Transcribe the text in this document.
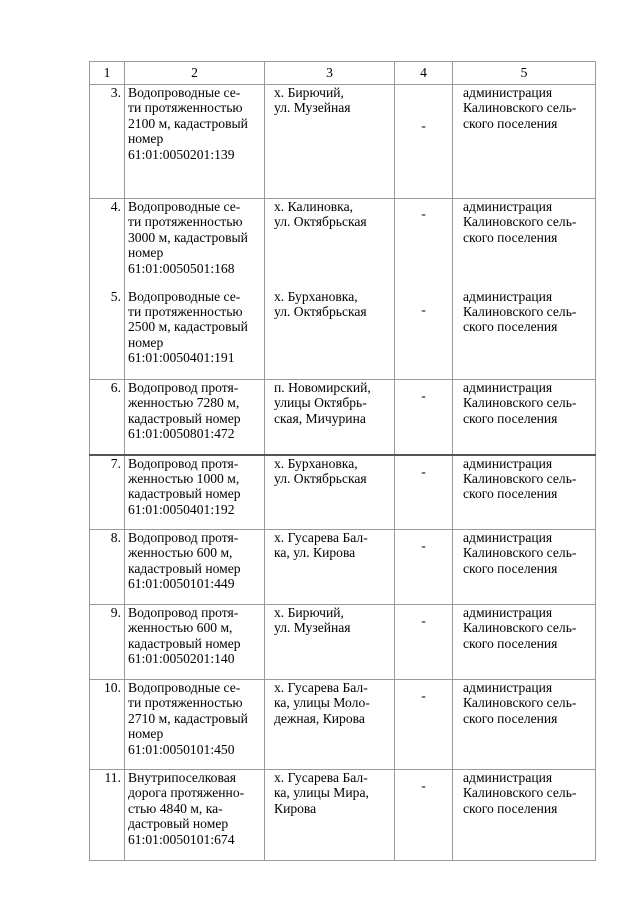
1	2	3	4	5
3.	Водопроводные се-
ти протяженностью
2100 м, кадастровый
номер
61:01:0050201:139	х. Бирючий,
ул. Музейная	-	администрация
Калиновского сель-
ского поселения
4.	Водопроводные се-
ти протяженностью
3000 м, кадастровый
номер
61:01:0050501:168	х. Калиновка,
ул. Октябрьская	-	администрация
Калиновского сель-
ского поселения
5.	Водопроводные се-
ти протяженностью
2500 м, кадастровый
номер
61:01:0050401:191	х. Бурхановка,
ул. Октябрьская	-	администрация
Калиновского сель-
ского поселения
6.	Водопровод протя-
женностью 7280 м,
кадастровый номер
61:01:0050801:472	п. Новомирский,
улицы Октябрь-
ская, Мичурина	-	администрация
Калиновского сель-
ского поселения
7.	Водопровод протя-
женностью 1000 м,
кадастровый номер
61:01:0050401:192	х. Бурхановка,
ул. Октябрьская	-	администрация
Калиновского сель-
ского поселения
8.	Водопровод протя-
женностью 600 м,
кадастровый номер
61:01:0050101:449	х. Гусарева Бал-
ка, ул. Кирова	-	администрация
Калиновского сель-
ского поселения
9.	Водопровод протя-
женностью 600 м,
кадастровый номер
61:01:0050201:140	х. Бирючий,
ул. Музейная	-	администрация
Калиновского сель-
ского поселения
10.	Водопроводные се-
ти протяженностью
2710 м, кадастровый
номер
61:01:0050101:450	х. Гусарева Бал-
ка, улицы Моло-
дежная, Кирова	-	администрация
Калиновского сель-
ского поселения
11.	Внутрипоселковая
дорога протяженно-
стью 4840 м, ка-
дастровый номер
61:01:0050101:674	х. Гусарева Бал-
ка, улицы Мира,
Кирова	-	администрация
Калиновского сель-
ского поселения
